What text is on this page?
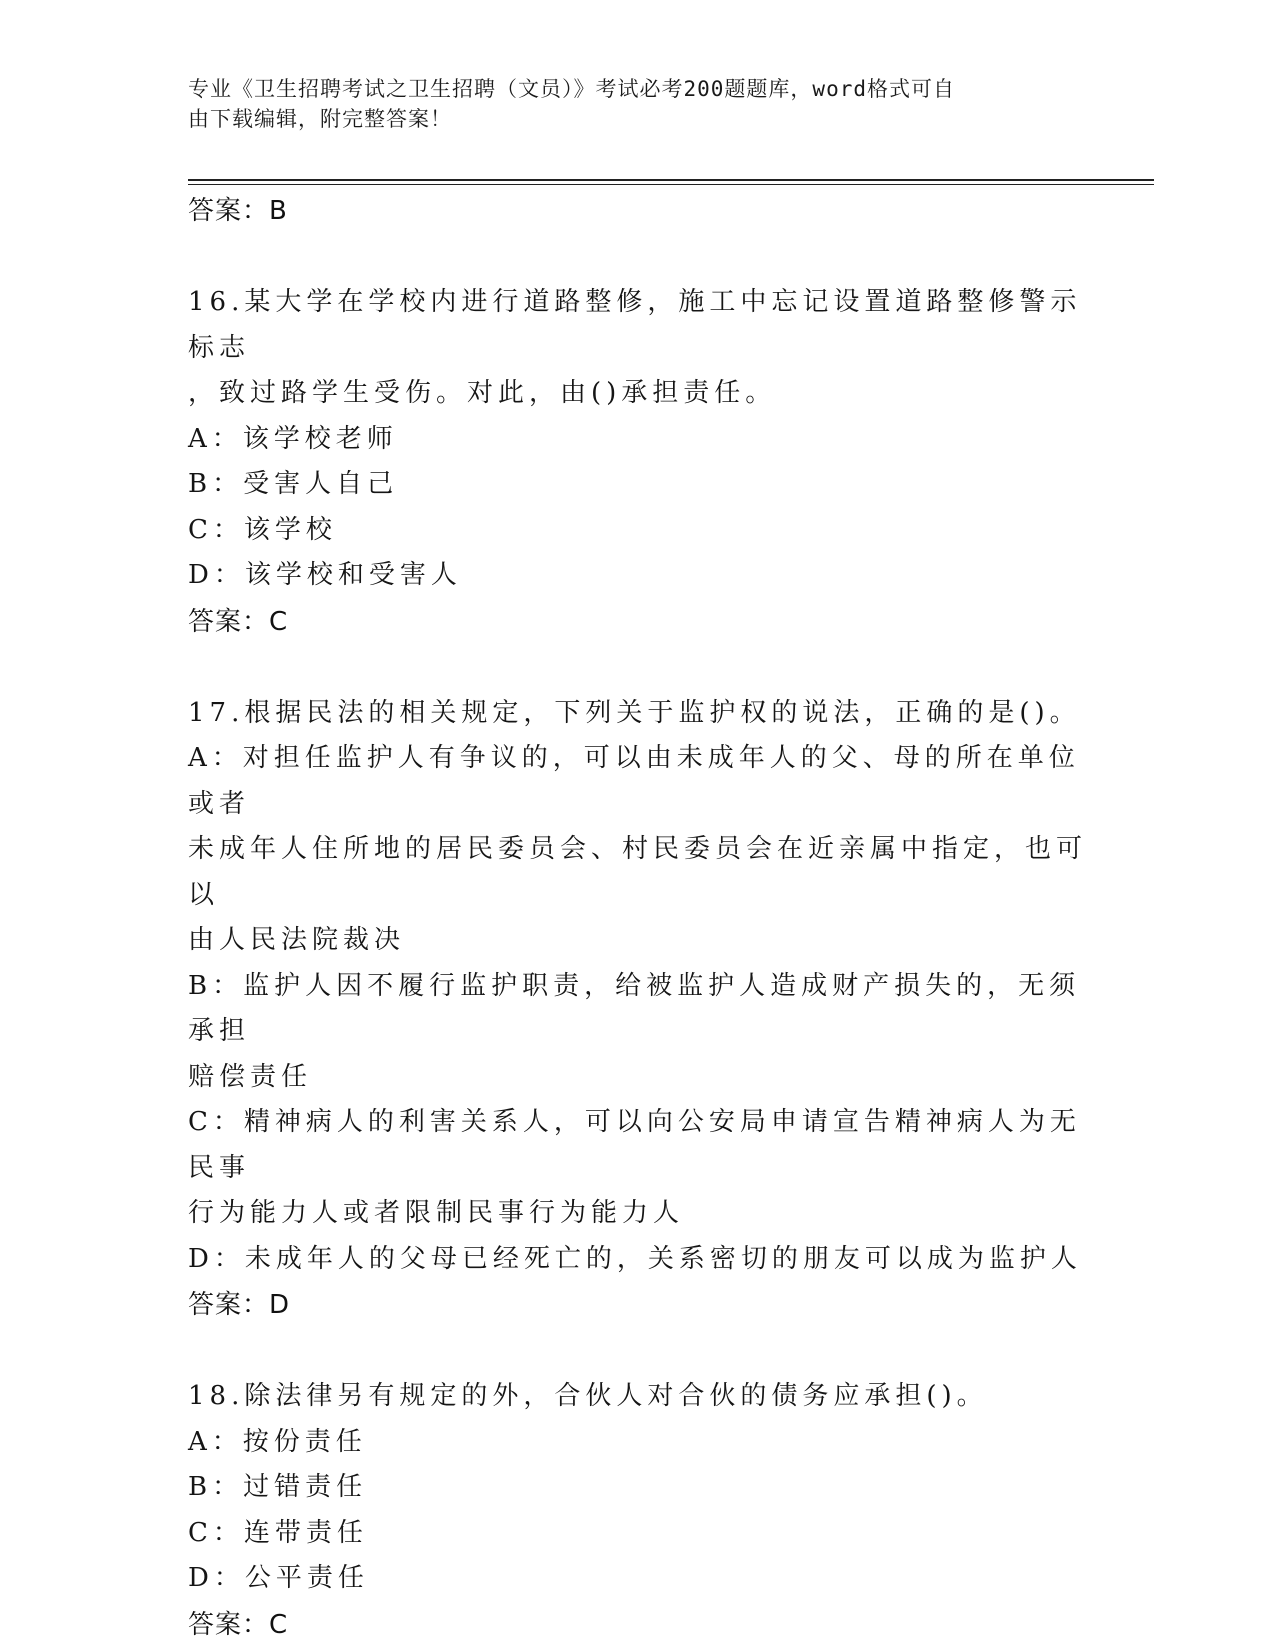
专业《卫生招聘考试之卫生招聘（文员）》考试必考200题题库，word格式可自
由下载编辑，附完整答案！
答案：B
16.某大学在学校内进行道路整修，施工中忘记设置道路整修警示标志
，致过路学生受伤。对此，由()承担责任。
A：该学校老师
B：受害人自己
C：该学校
D：该学校和受害人
答案：C
17.根据民法的相关规定，下列关于监护权的说法，正确的是()。
A：对担任监护人有争议的，可以由未成年人的父、母的所在单位或者
未成年人住所地的居民委员会、村民委员会在近亲属中指定，也可以
由人民法院裁决
B：监护人因不履行监护职责，给被监护人造成财产损失的，无须承担
赔偿责任
C：精神病人的利害关系人，可以向公安局申请宣告精神病人为无民事
行为能力人或者限制民事行为能力人
D：未成年人的父母已经死亡的，关系密切的朋友可以成为监护人
答案：D
18.除法律另有规定的外，合伙人对合伙的债务应承担()。
A：按份责任
B：过错责任
C：连带责任
D：公平责任
答案：C
